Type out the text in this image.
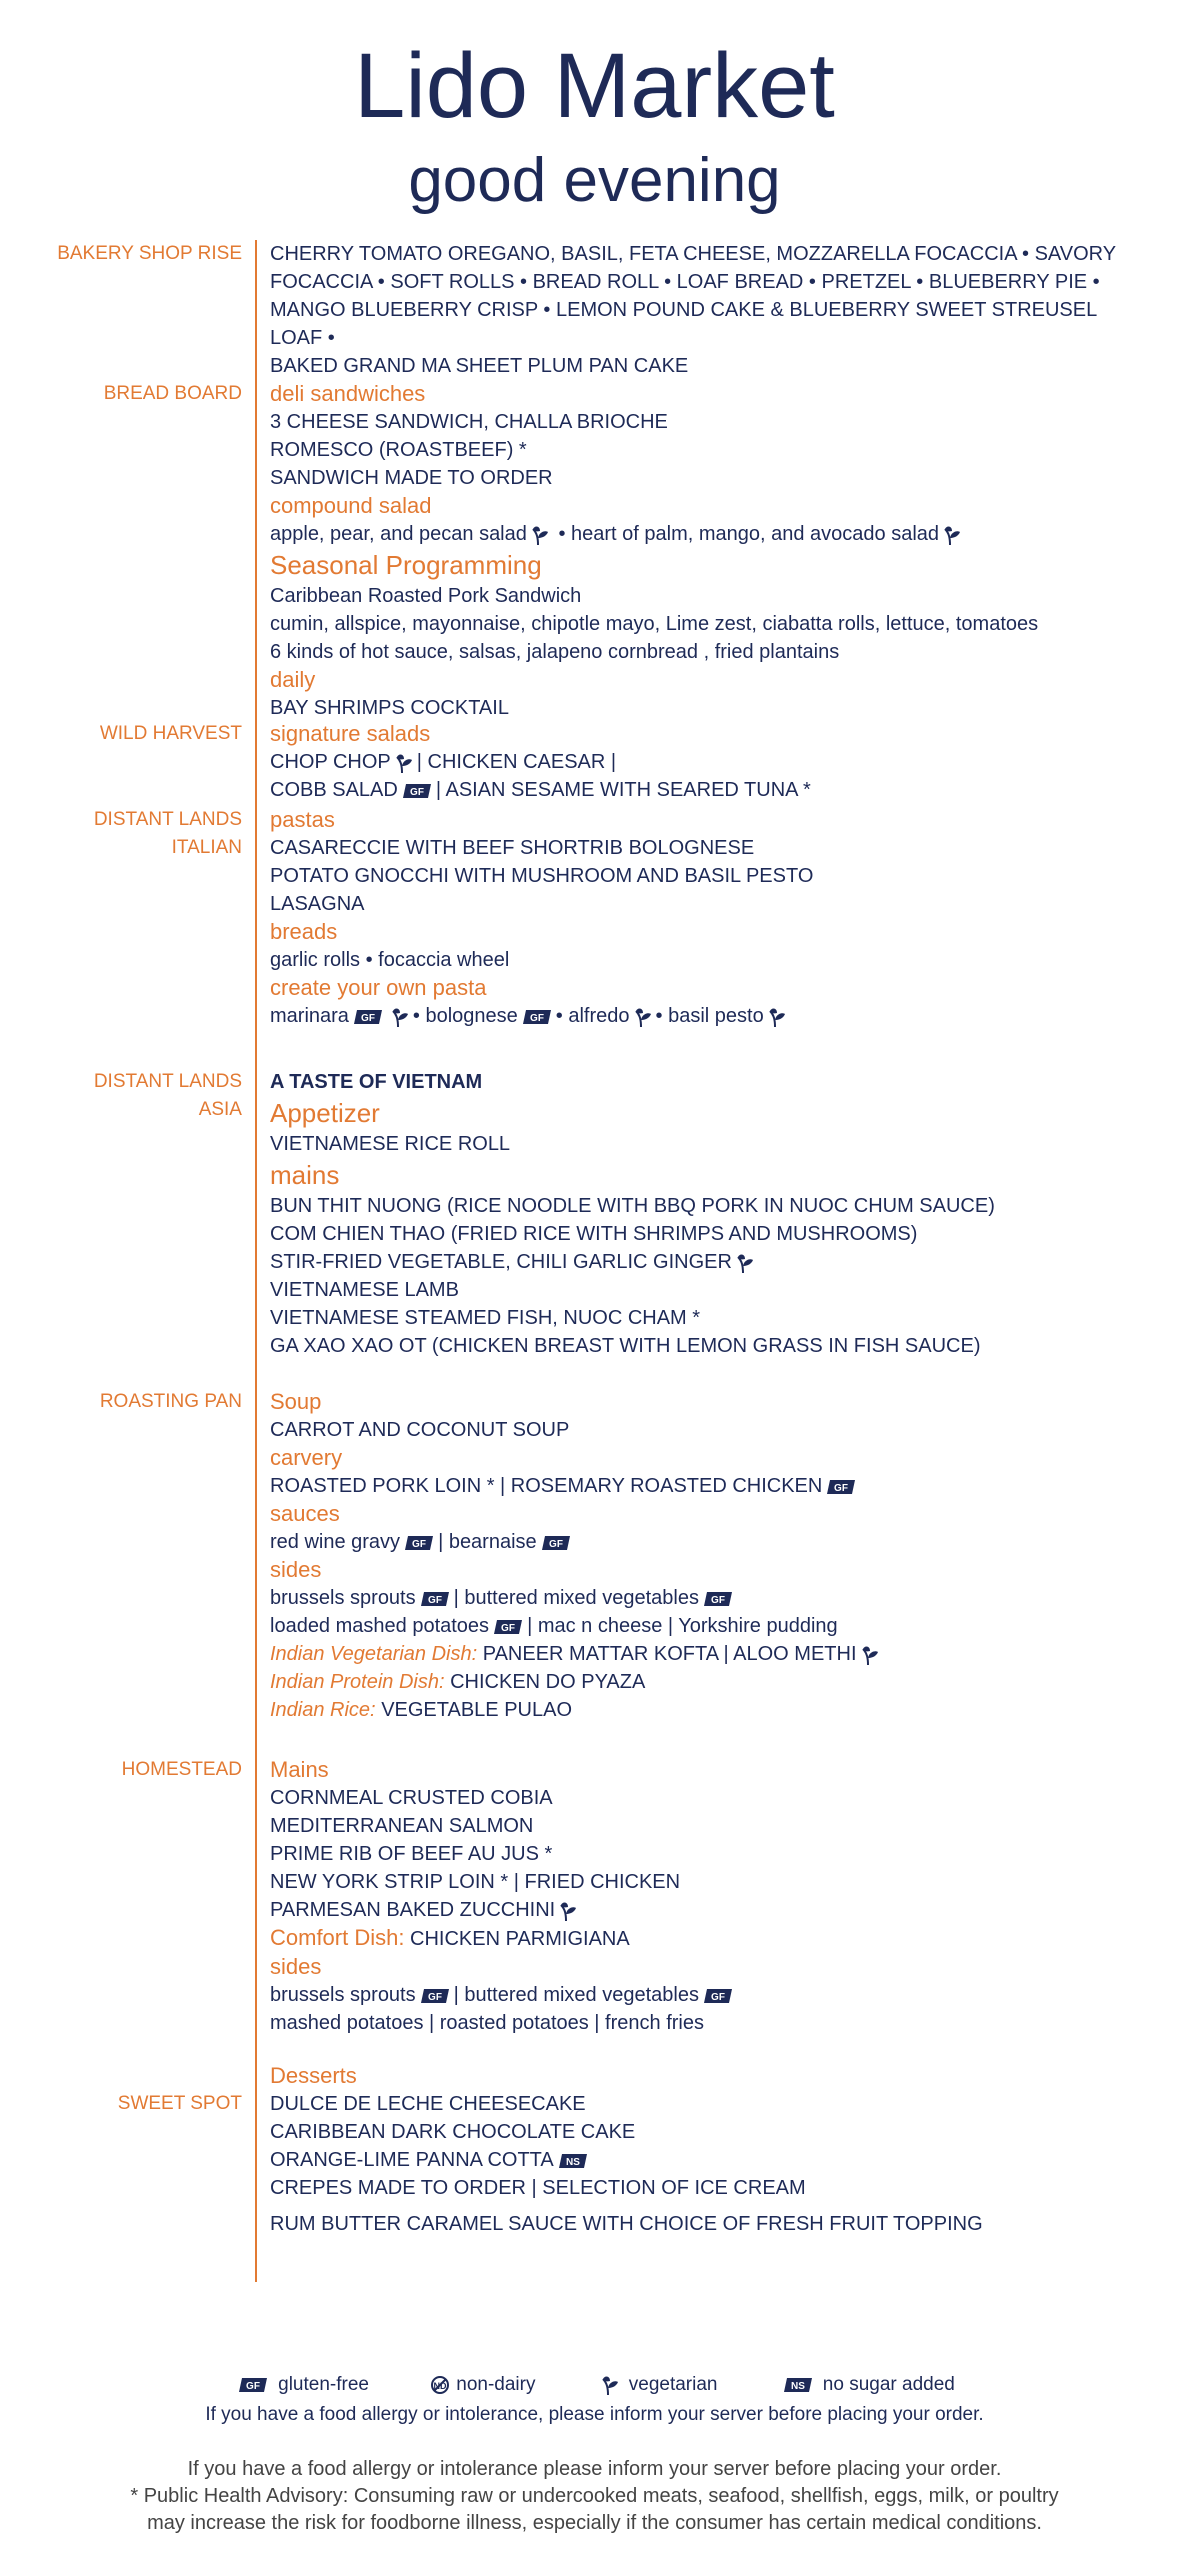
Lido Market
good evening
BAKERY SHOP RISE CHERRY TOMATO OREGANO, BASIL, FETA CHEESE, MOZZARELLA FOCACCIA • SAVORY
FOCACCIA • SOFT ROLLS • BREAD ROLL • LOAF BREAD • PRETZEL • BLUEBERRY PIE •
MANGO BLUEBERRY CRISP • LEMON POUND CAKE & BLUEBERRY SWEET STREUSEL LOAF •
BAKED GRAND MA SHEET PLUM PAN CAKE
BREAD BOARD deli sandwiches
3 CHEESE SANDWICH, CHALLA BRIOCHE
ROMESCO (ROASTBEEF) *
SANDWICH MADE TO ORDER
compound salad
apple, pear, and pecan salad • heart of palm, mango, and avocado salad
Seasonal Programming
Caribbean Roasted Pork Sandwich
cumin, allspice, mayonnaise, chipotle mayo, Lime zest, ciabatta rolls, lettuce, tomatoes
6 kinds of hot sauce, salsas, jalapeno cornbread , fried plantains
daily
BAY SHRIMPS COCKTAIL
WILD HARVEST signature salads
CHOP CHOP | CHICKEN CAESAR |
COBB SALAD | ASIAN SESAME WITH SEARED TUNA *
DISTANT LANDS
ITALIAN
pastas
CASARECCIE WITH BEEF SHORTRIB BOLOGNESE
POTATO GNOCCHI WITH MUSHROOM AND BASIL PESTO
LASAGNA
breads
garlic rolls • focaccia wheel
create your own pasta
marinara	• bolognese • alfredo • basil pesto
DISTANT LANDS
ASIA
A TASTE OF VIETNAM
Appetizer
VIETNAMESE RICE ROLL
mains
BUN THIT NUONG (RICE NOODLE WITH BBQ PORK IN NUOC CHUM SAUCE)
COM CHIEN THAO (FRIED RICE WITH SHRIMPS AND MUSHROOMS)
STIR-FRIED VEGETABLE, CHILI GARLIC GINGER
VIETNAMESE LAMB
VIETNAMESE STEAMED FISH, NUOC CHAM *
GA XAO XAO OT (CHICKEN BREAST WITH LEMON GRASS IN FISH SAUCE)
ROASTING PAN Soup
CARROT AND COCONUT SOUP
carvery
ROASTED PORK LOIN * | ROSEMARY ROASTED CHICKEN
sauces
red wine gravy | bearnaise
sides
brussels sprouts | buttered mixed vegetables
loaded mashed potatoes | mac n cheese | Yorkshire pudding
Indian Vegetarian Dish: PANEER MATTAR KOFTA | ALOO METHI
Indian Protein Dish: CHICKEN DO PYAZA
Indian Rice: VEGETABLE PULAO
HOMESTEAD Mains
CORNMEAL CRUSTED COBIA
MEDITERRANEAN SALMON
PRIME RIB OF BEEF AU JUS *
NEW YORK STRIP LOIN * | FRIED CHICKEN
PARMESAN BAKED ZUCCHINI
Comfort Dish: CHICKEN PARMIGIANA
sides
brussels sprouts | buttered mixed vegetables
mashed potatoes | roasted potatoes | french fries
SWEET SPOT
Desserts
DULCE DE LECHE CHEESECAKE
CARIBBEAN DARK CHOCOLATE CAKE
ORANGE-LIME PANNA COTTA
CREPES MADE TO ORDER | SELECTION OF ICE CREAM
RUM BUTTER CARAMEL SAUCE WITH CHOICE OF FRESH FRUIT TOPPING
gluten-free	non-dairy	vegetarian	no sugar added
If you have a food allergy or intolerance, please inform your server before placing your order.
If you have a food allergy or intolerance please inform your server before placing your order.
* Public Health Advisory: Consuming raw or undercooked meats, seafood, shellfish, eggs, milk, or poultry
may increase the risk for foodborne illness, especially if the consumer has certain medical conditions.
